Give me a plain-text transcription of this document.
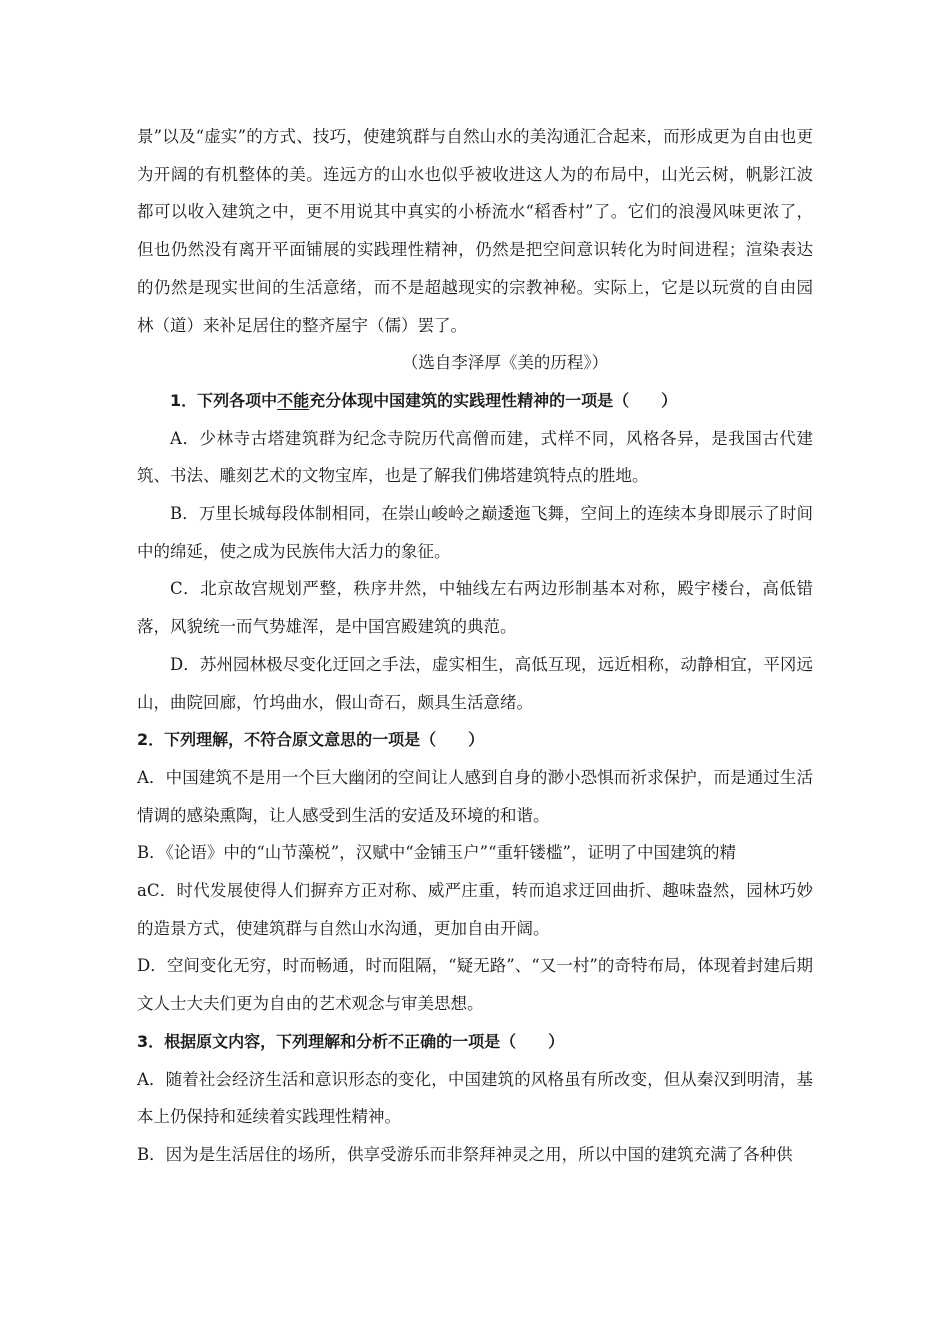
景”以及“虚实”的方式、技巧，使建筑群与自然山水的美沟通汇合起来，而形成更为自由也更为开阔的有机整体的美。连远方的山水也似乎被收进这人为的布局中，山光云树，帆影江波都可以收入建筑之中，更不用说其中真实的小桥流水“稻香村”了。它们的浪漫风味更浓了，但也仍然没有离开平面铺展的实践理性精神，仍然是把空间意识转化为时间进程；渲染表达的仍然是现实世间的生活意绪，而不是超越现实的宗教神秘。实际上，它是以玩赏的自由园林（道）来补足居住的整齐屋宇（儒）罢了。

（选自李泽厚《美的历程》）

1．下列各项中不能充分体现中国建筑的实践理性精神的一项是（　　）

A．少林寺古塔建筑群为纪念寺院历代高僧而建，式样不同，风格各异，是我国古代建筑、书法、雕刻艺术的文物宝库，也是了解我们佛塔建筑特点的胜地。

B．万里长城每段体制相同，在崇山峻岭之巅逶迤飞舞，空间上的连续本身即展示了时间中的绵延，使之成为民族伟大活力的象征。

C．北京故宫规划严整，秩序井然，中轴线左右两边形制基本对称，殿宇楼台，高低错落，风貌统一而气势雄浑，是中国宫殿建筑的典范。

D．苏州园林极尽变化迂回之手法，虚实相生，高低互现，远近相称，动静相宜，平冈远山，曲院回廊，竹坞曲水，假山奇石，颇具生活意绪。

2．下列理解，不符合原文意思的一项是（　　）

A．中国建筑不是用一个巨大幽闭的空间让人感到自身的渺小恐惧而祈求保护，而是通过生活情调的感染熏陶，让人感受到生活的安适及环境的和谐。

B．《论语》中的“山节藻棁”，汉赋中“金铺玉户”“重轩镂槛”，证明了中国建筑的精

aC．时代发展使得人们摒弃方正对称、威严庄重，转而追求迂回曲折、趣味盎然，园林巧妙的造景方式，使建筑群与自然山水沟通，更加自由开阔。

D．空间变化无穷，时而畅通，时而阻隔，“疑无路”、“又一村”的奇特布局，体现着封建后期文人士大夫们更为自由的艺术观念与审美思想。

3．根据原文内容，下列理解和分析不正确的一项是（　　）

A．随着社会经济生活和意识形态的变化，中国建筑的风格虽有所改变，但从秦汉到明清，基本上仍保持和延续着实践理性精神。

B．因为是生活居住的场所，供享受游乐而非祭拜神灵之用，所以中国的建筑充满了各种供
